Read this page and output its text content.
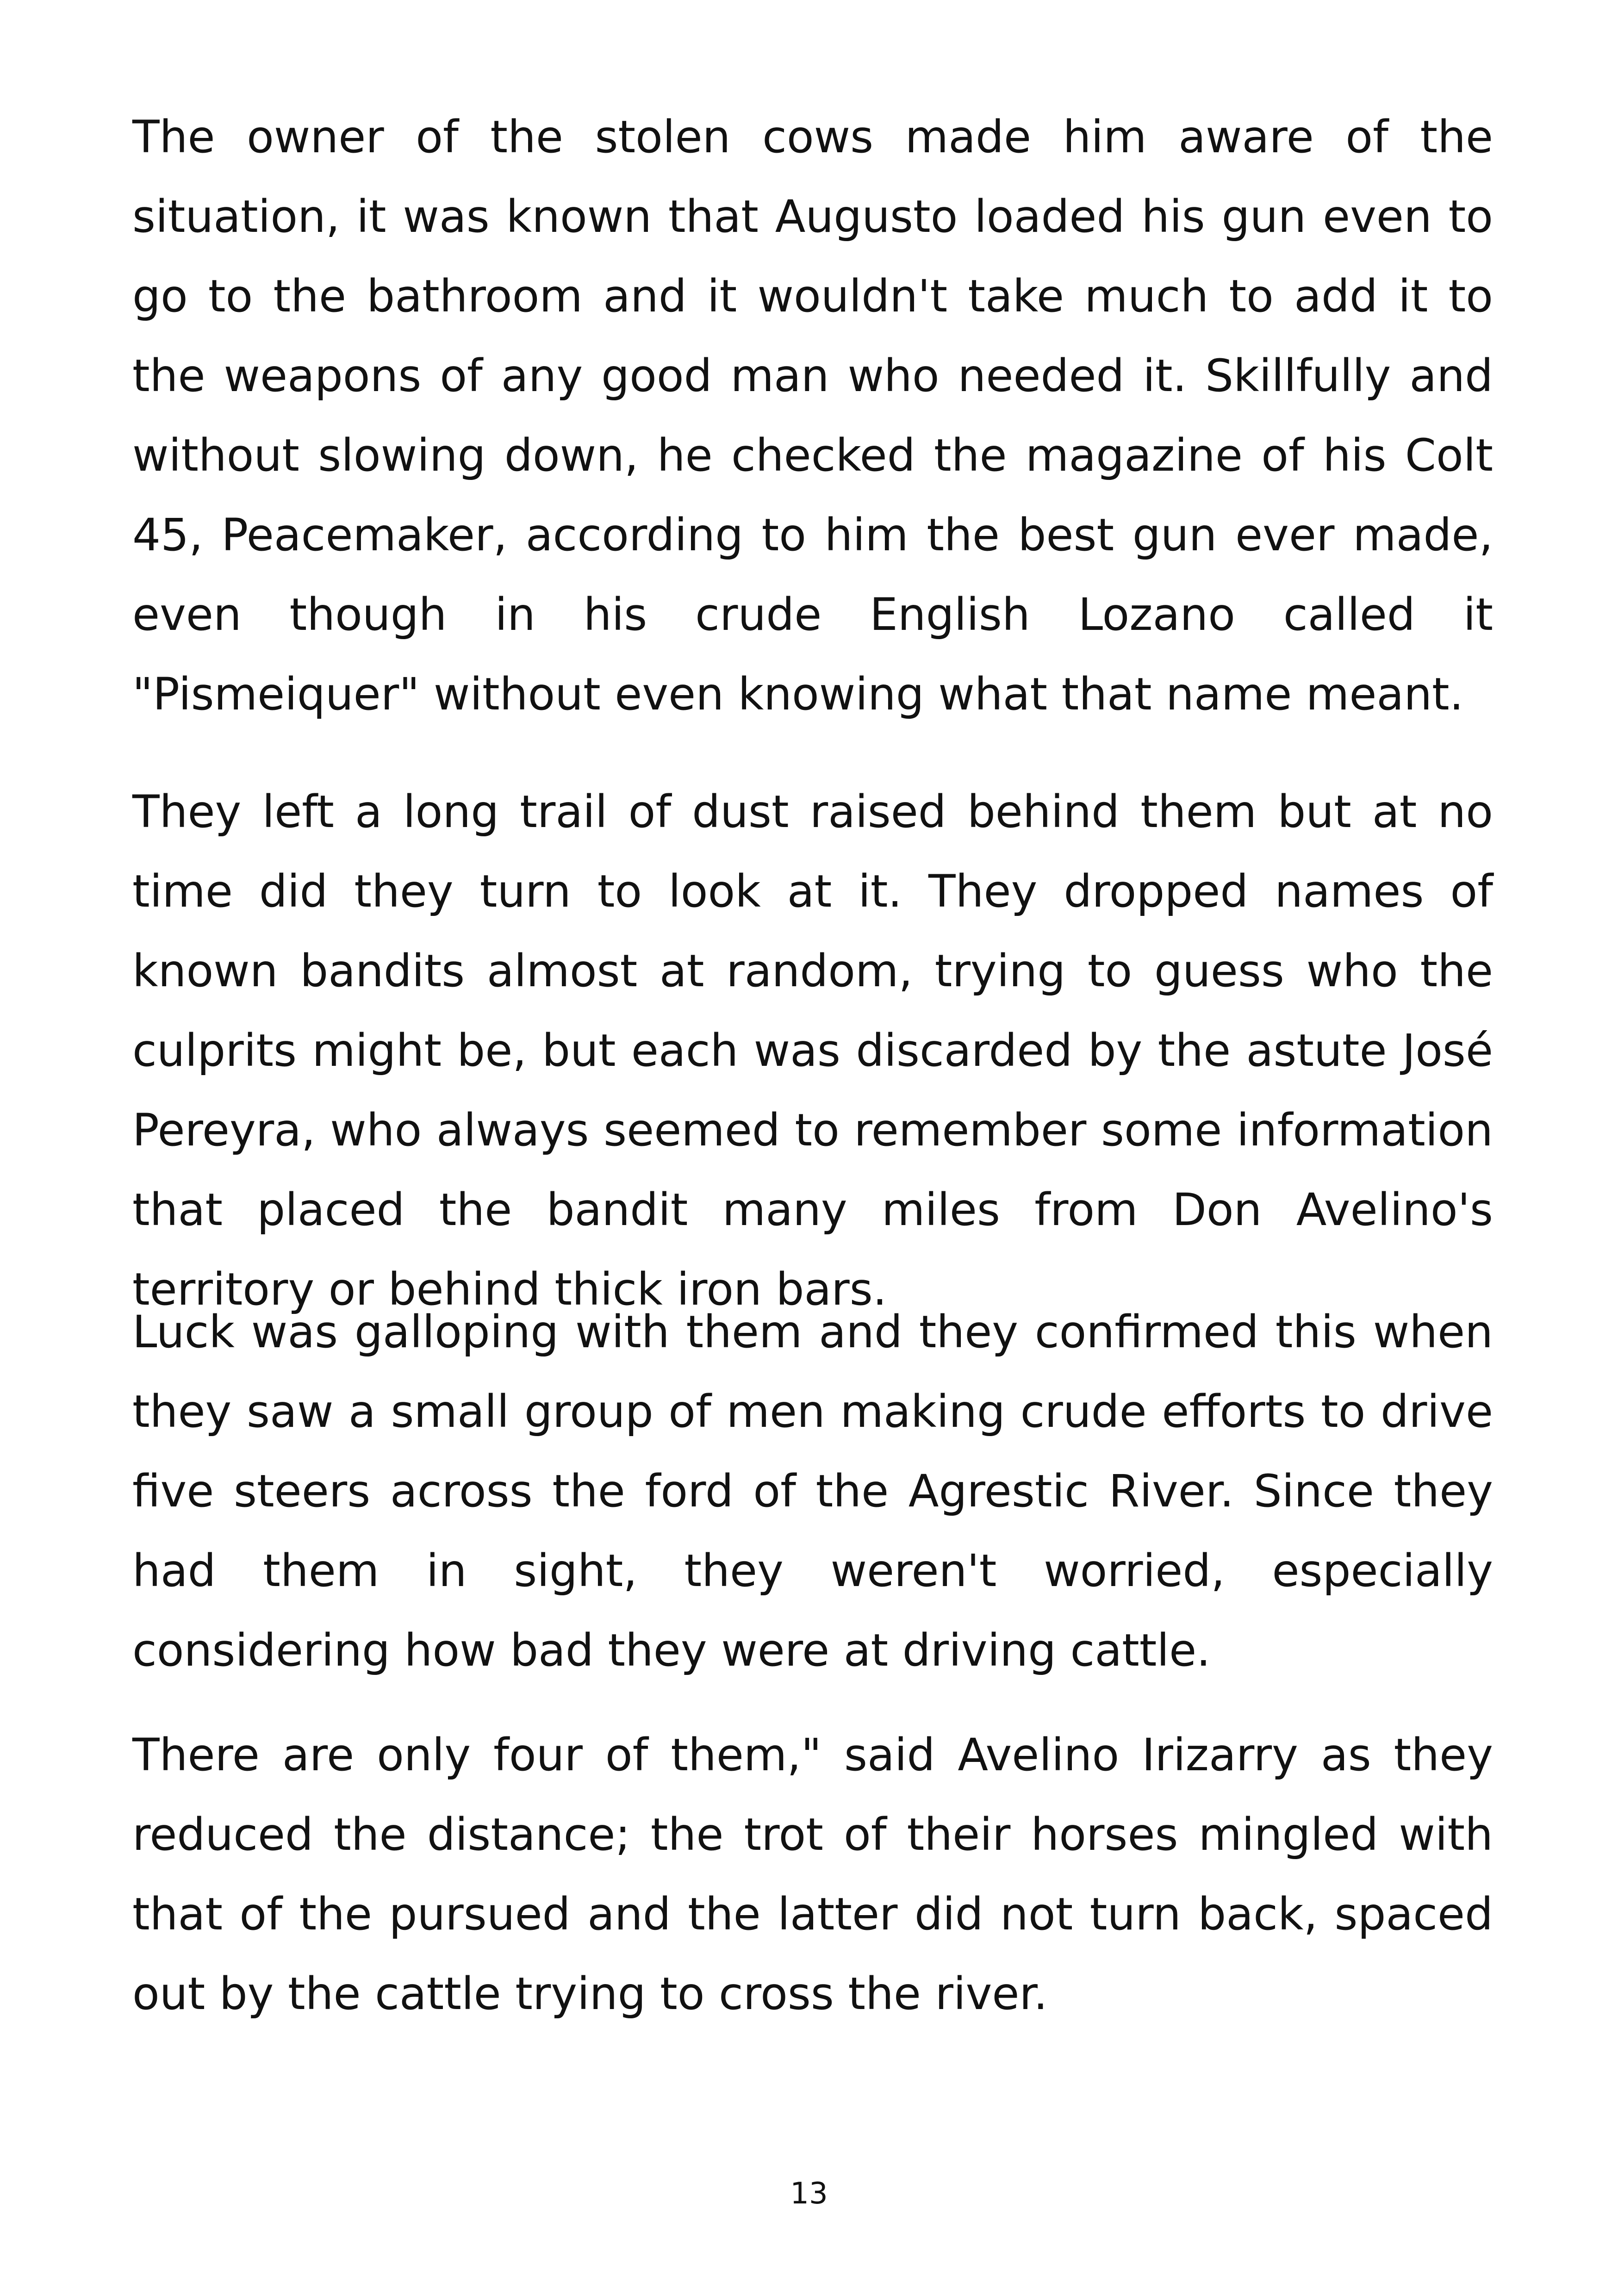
The owner of the stolen cows made him aware of the situation, it was known that Augusto loaded his gun even to go to the bathroom and it wouldn't take much to add it to the weapons of any good man who needed it. Skillfully and without slowing down, he checked the magazine of his Colt 45, Peacemaker, according to him the best gun ever made, even though in his crude English Lozano called it "Pismeiquer" without even knowing what that name meant.

They left a long trail of dust raised behind them but at no time did they turn to look at it. They dropped names of known bandits almost at random, trying to guess who the culprits might be, but each was discarded by the astute José Pereyra, who always seemed to remember some information that placed the bandit many miles from Don Avelino's territory or behind thick iron bars.

Luck was galloping with them and they confirmed this when they saw a small group of men making crude efforts to drive five steers across the ford of the Agrestic River. Since they had them in sight, they weren't worried, especially considering how bad they were at driving cattle.

There are only four of them," said Avelino Irizarry as they reduced the distance; the trot of their horses mingled with that of the pursued and the latter did not turn back, spaced out by the cattle trying to cross the river.

13
